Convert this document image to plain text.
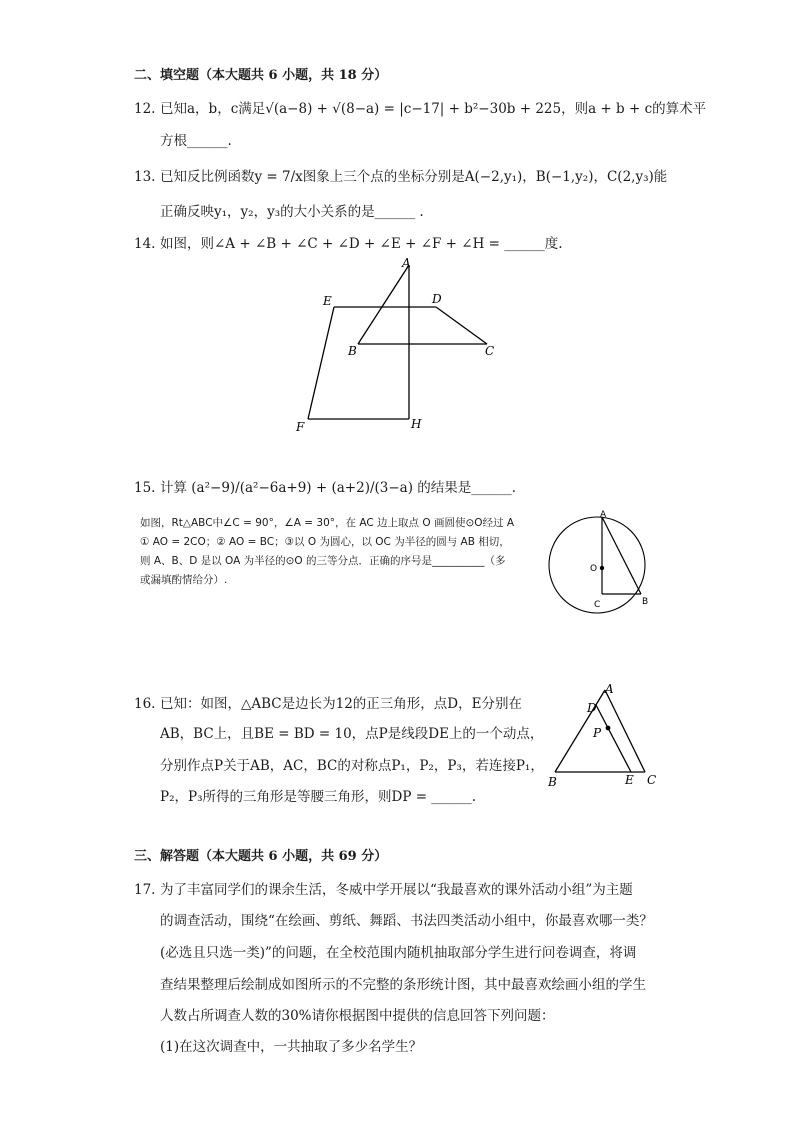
二、填空题（本大题共 6 小题，共 18 分）
12. 已知a，b，c满足√(a−8) + √(8−a) = |c−17| + b²−30b + 225，则a + b + c的算术平
方根______.
13. 已知反比例函数y = 7/x图象上三个点的坐标分别是A(−2,y₁)，B(−1,y₂)，C(2,y₃)能
正确反映y₁，y₂，y₃的大小关系的是______ .
14. 如图，则∠A + ∠B + ∠C + ∠D + ∠E + ∠F + ∠H = ______度.
A
E	D
B	C
F	H
15. 计算 (a²−9)/(a²−6a+9) + (a+2)/(3−a) 的结果是______.
如图，Rt△ABC中∠C = 90°，∠A = 30°，在 AC 边上取点 O 画圆使⊙O经过 A
① AO = 2CO；② AO = BC；③以 O 为圆心，以 OC 为半径的圆与 AB 相切，
则 A、B、D 是以 OA 为半径的⊙O 的三等分点．正确的序号是__________（多
或漏填酌情给分）.
A
O
C	B
16. 已知：如图，△ABC是边长为12的正三角形，点D，E分别在
AB，BC上，且BE = BD = 10，点P是线段DE上的一个动点，
分别作点P关于AB，AC，BC的对称点P₁，P₂，P₃，若连接P₁，
P₂，P₃所得的三角形是等腰三角形，则DP = ______.
A
D
P
B	E C
三、解答题（本大题共 6 小题，共 69 分）
17. 为了丰富同学们的课余生活，冬威中学开展以“我最喜欢的课外活动小组”为主题
的调查活动，围绕“在绘画、剪纸、舞蹈、书法四类活动小组中，你最喜欢哪一类？
(必选且只选一类)”的问题，在全校范围内随机抽取部分学生进行问卷调查，将调
查结果整理后绘制成如图所示的不完整的条形统计图，其中最喜欢绘画小组的学生
人数占所调查人数的30%请你根据图中提供的信息回答下列问题：
(1)在这次调查中，一共抽取了多少名学生？
